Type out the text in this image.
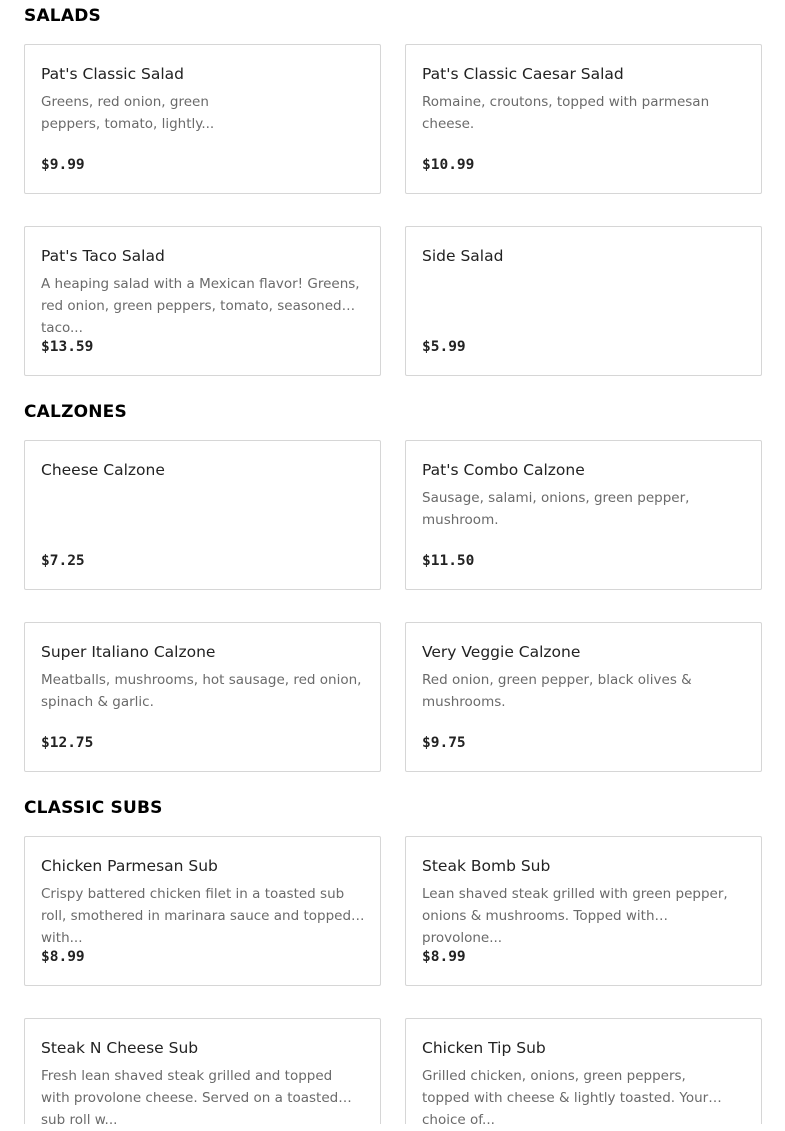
SALADS
Pat's Classic Salad
Greens, red onion, green peppers, tomato, lightly...
$9.99
Pat's Classic Caesar Salad
Romaine, croutons, topped with parmesan cheese.
$10.99
Pat's Taco Salad
A heaping salad with a Mexican flavor! Greens, red onion, green peppers, tomato, seasoned taco...
$13.59
Side Salad
$5.99
CALZONES
Cheese Calzone
$7.25
Pat's Combo Calzone
Sausage, salami, onions, green pepper, mushroom.
$11.50
Super Italiano Calzone
Meatballs, mushrooms, hot sausage, red onion, spinach & garlic.
$12.75
Very Veggie Calzone
Red onion, green pepper, black olives & mushrooms.
$9.75
CLASSIC SUBS
Chicken Parmesan Sub
Crispy battered chicken filet in a toasted sub roll, smothered in marinara sauce and topped with...
$8.99
Steak Bomb Sub
Lean shaved steak grilled with green pepper, onions & mushrooms. Topped with provolone...
$8.99
Steak N Cheese Sub
Fresh lean shaved steak grilled and topped with provolone cheese. Served on a toasted sub roll w...
Chicken Tip Sub
Grilled chicken, onions, green peppers, topped with cheese & lightly toasted. Your choice of...
